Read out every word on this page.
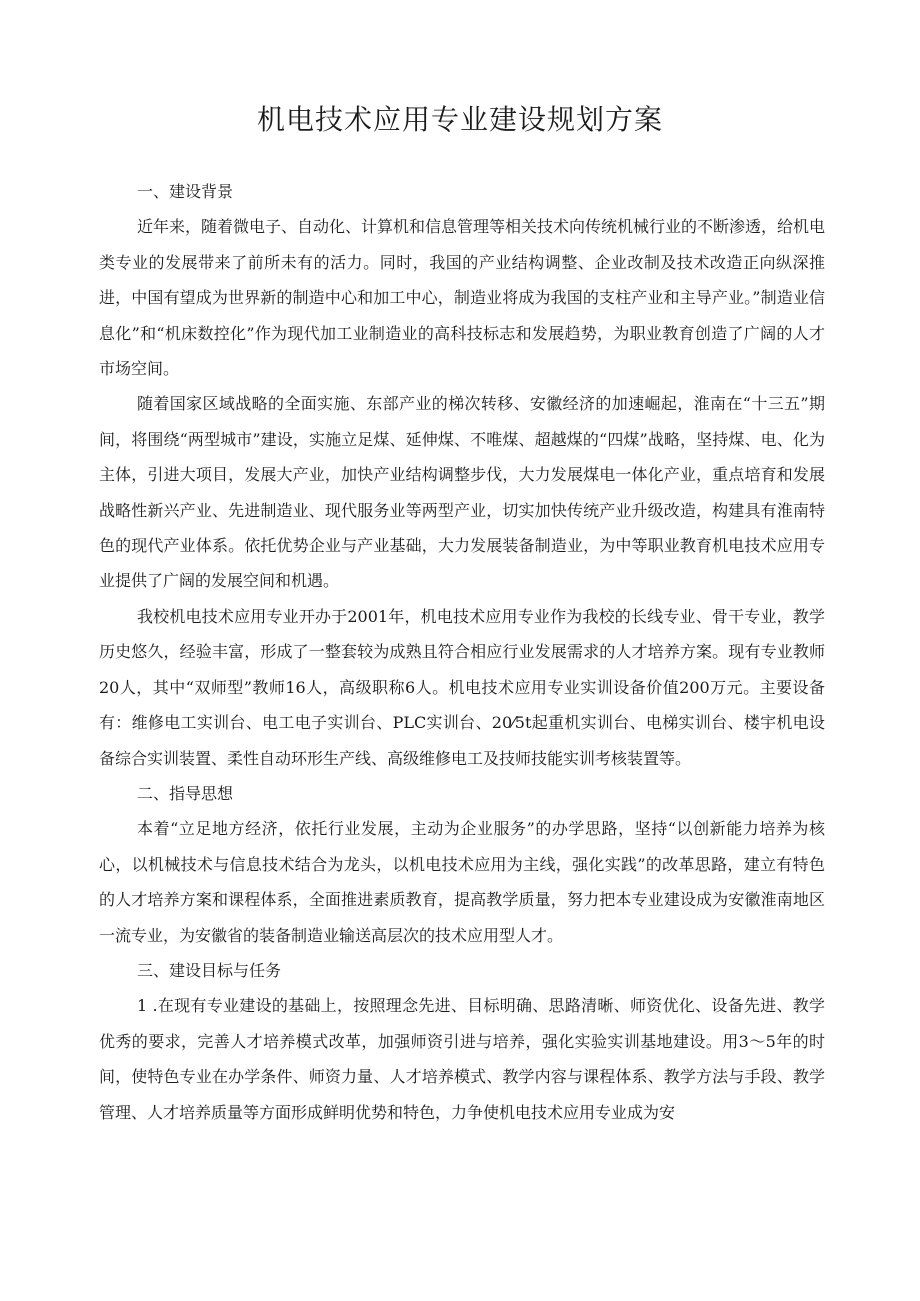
机电技术应用专业建设规划方案

一、建设背景

近年来，随着微电子、自动化、计算机和信息管理等相关技术向传统机械行业的不断渗透，给机电类专业的发展带来了前所未有的活力。同时，我国的产业结构调整、企业改制及技术改造正向纵深推进，中国有望成为世界新的制造中心和加工中心，制造业将成为我国的支柱产业和主导产业。”制造业信息化”和“机床数控化”作为现代加工业制造业的高科技标志和发展趋势，为职业教育创造了广阔的人才市场空间。

随着国家区域战略的全面实施、东部产业的梯次转移、安徽经济的加速崛起，淮南在“十三五”期间，将围绕“两型城市”建设，实施立足煤、延伸煤、不唯煤、超越煤的“四煤”战略，坚持煤、电、化为主体，引进大项目，发展大产业，加快产业结构调整步伐，大力发展煤电一体化产业，重点培育和发展战略性新兴产业、先进制造业、现代服务业等两型产业，切实加快传统产业升级改造，构建具有淮南特色的现代产业体系。依托优势企业与产业基础，大力发展装备制造业，为中等职业教育机电技术应用专业提供了广阔的发展空间和机遇。

我校机电技术应用专业开办于2001年，机电技术应用专业作为我校的长线专业、骨干专业，教学历史悠久，经验丰富，形成了一整套较为成熟且符合相应行业发展需求的人才培养方案。现有专业教师20人，其中“双师型”教师16人，高级职称6人。机电技术应用专业实训设备价值200万元。主要设备有：维修电工实训台、电工电子实训台、PLC实训台、20⁄5t起重机实训台、电梯实训台、楼宇机电设备综合实训装置、柔性自动环形生产线、高级维修电工及技师技能实训考核装置等。

二、指导思想

本着“立足地方经济，依托行业发展，主动为企业服务”的办学思路，坚持“以创新能力培养为核心，以机械技术与信息技术结合为龙头，以机电技术应用为主线，强化实践”的改革思路，建立有特色的人才培养方案和课程体系，全面推进素质教育，提高教学质量，努力把本专业建设成为安徽淮南地区一流专业，为安徽省的装备制造业输送高层次的技术应用型人才。

三、建设目标与任务

1 .在现有专业建设的基础上，按照理念先进、目标明确、思路清晰、师资优化、设备先进、教学优秀的要求，完善人才培养模式改革，加强师资引进与培养，强化实验实训基地建设。用3～5年的时间，使特色专业在办学条件、师资力量、人才培养模式、教学内容与课程体系、教学方法与手段、教学管理、人才培养质量等方面形成鲜明优势和特色，力争使机电技术应用专业成为安
